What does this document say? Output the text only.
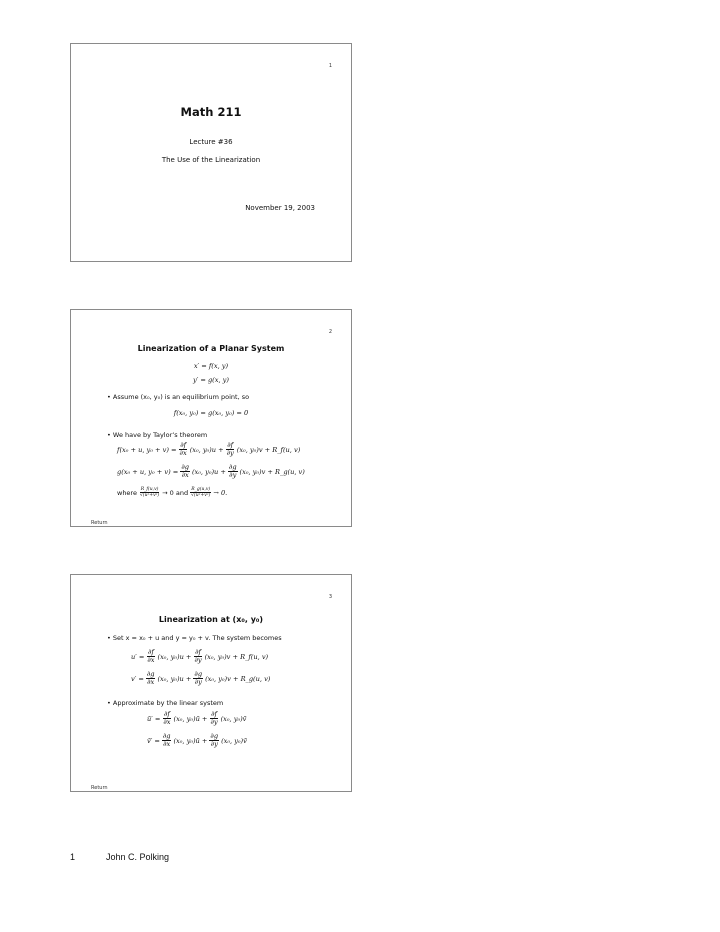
1
Math 211
Lecture #36
The Use of the Linearization
November 19, 2003
2
Linearization of a Planar System
x′ = f(x, y)
y′ = g(x, y)
• Assume (x₀, y₀) is an equilibrium point, so
f(x₀, y₀) = g(x₀, y₀) = 0
• We have by Taylor’s theorem
f(x₀ + u, $y_0 + v) = \frac{\partial f}{\partial x} (x_0$, $y_0)u + \frac{\partial f}{\partial y} (x_0$, y₀)v + R_f(u, v)
g(x₀ + u, $y_0 + v) = \frac{\partial g}{\partial x} (x_0$, $y_0)u + \frac{\partial g}{\partial y} (x_0$, y₀)v + R_g(u, v)
where $\frac{R\_f(u,v)}{\text{√(u²+v²)}} \to 0$ and $\frac{R\_g(u,v)}{\text{√(u²+v²)}} \to 0$.
Return
3
Linearization at (x₀, y₀)
• Set x = x₀ + u and y = y₀ + v. The system becomes
$u' = \frac{\partial f}{\partial x} (x_0$, $y_0)u + \frac{\partial f}{\partial y} (x_0$, y₀)v + R_f(u, v)
$v' = \frac{\partial g}{\partial x} (x_0$, $y_0)u + \frac{\partial g}{\partial y} (x_0$, y₀)v + R_g(u, v)
• Approximate by the linear system
ũ′ = $\frac{\partial f}{\partial x} (x_0$, y₀)ũ + $\frac{\partial f}{\partial y} (x_0$, y₀)ṽ
ṽ′ = $\frac{\partial g}{\partial x} (x_0$, y₀)ũ + $\frac{\partial g}{\partial y} (x_0$, y₀)ṽ
Return
1	John C. Polking
